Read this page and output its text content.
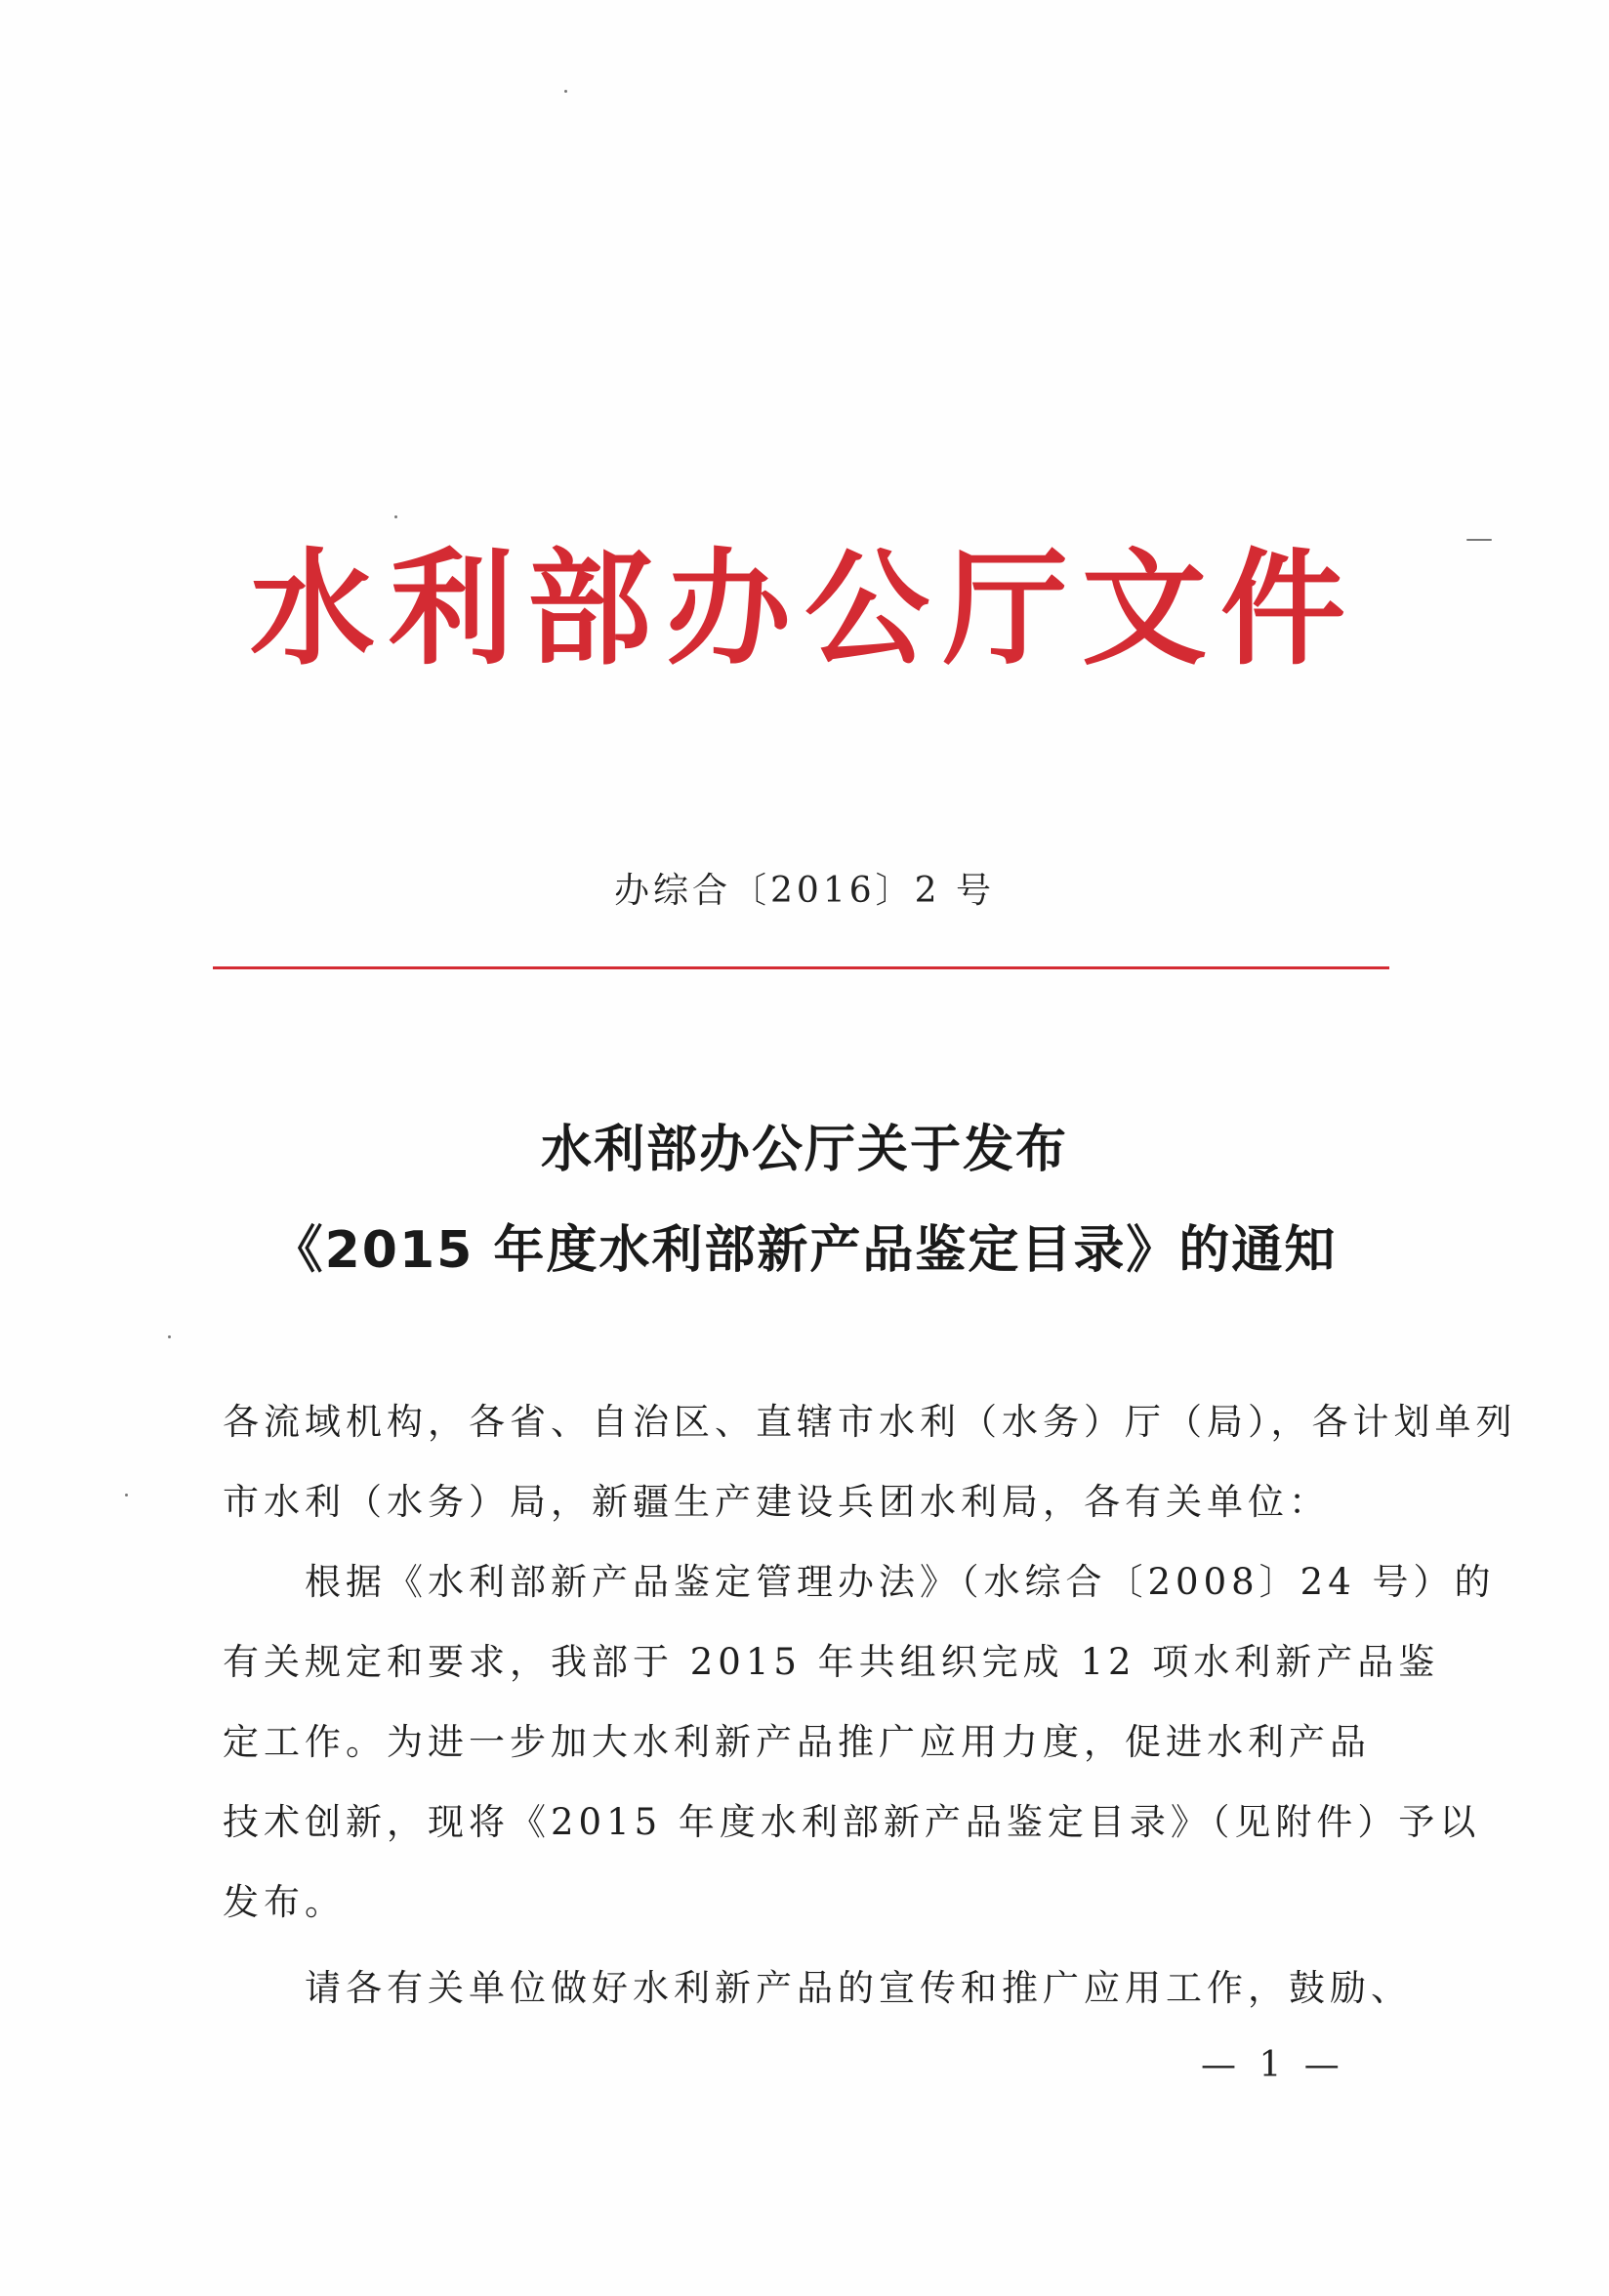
水利部办公厅文件
办综合〔2016〕2 号
水利部办公厅关于发布
《2015 年度水利部新产品鉴定目录》的通知
各流域机构，各省、自治区、直辖市水利（水务）厅（局），各计划单列
市水利（水务）局，新疆生产建设兵团水利局，各有关单位：
根据《水利部新产品鉴定管理办法》（水综合〔2008〕24 号）的
有关规定和要求，我部于 2015 年共组织完成 12 项水利新产品鉴
定工作。为进一步加大水利新产品推广应用力度，促进水利产品
技术创新，现将《2015 年度水利部新产品鉴定目录》（见附件）予以
发布。
请各有关单位做好水利新产品的宣传和推广应用工作，鼓励、
— 1 —
